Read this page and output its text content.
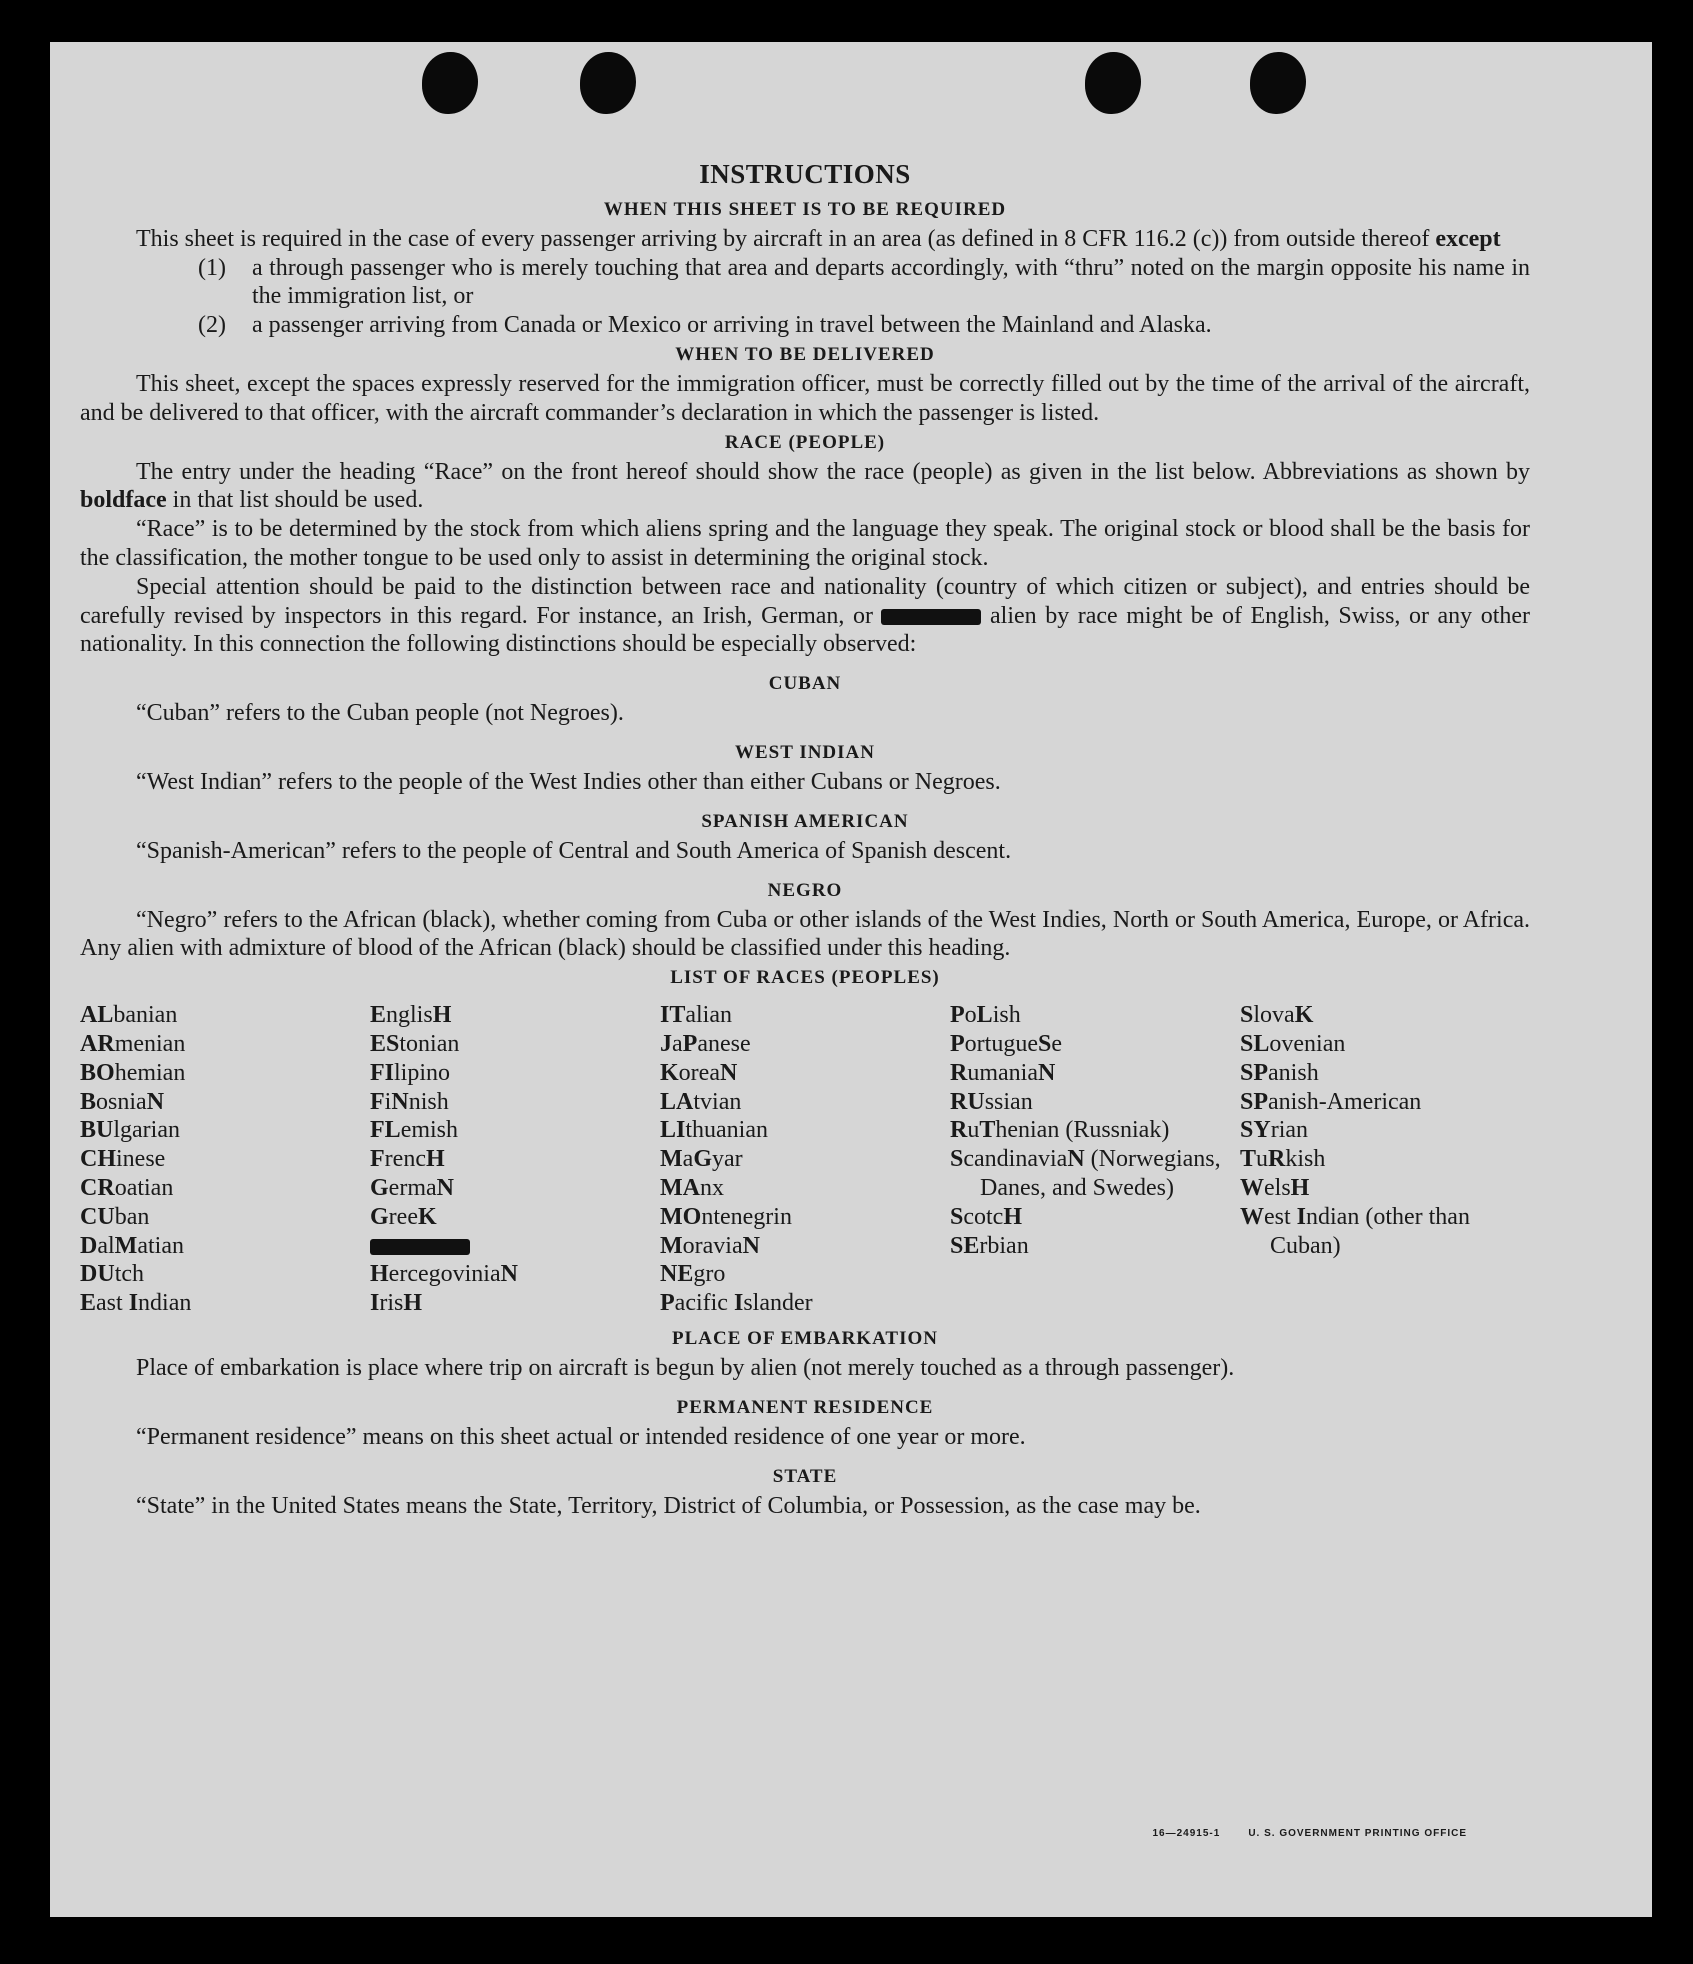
INSTRUCTIONS
WHEN THIS SHEET IS TO BE REQUIRED

This sheet is required in the case of every passenger arriving by aircraft in an area (as defined in 8 CFR 116.2 (c)) from outside thereof except

(1)	a through passenger who is merely touching that area and departs accordingly, with “thru” noted on the margin opposite his name in the immigration list, or
(2)	a passenger arriving from Canada or Mexico or arriving in travel between the Mainland and Alaska.
WHEN TO BE DELIVERED

This sheet, except the spaces expressly reserved for the immigration officer, must be correctly filled out by the time of the arrival of the aircraft, and be delivered to that officer, with the aircraft commander’s declaration in which the passenger is listed.

RACE (PEOPLE)

The entry under the heading “Race” on the front hereof should show the race (people) as given in the list below. Abbreviations as shown by boldface in that list should be used.

“Race” is to be determined by the stock from which aliens spring and the language they speak. The original stock or blood shall be the basis for the classification, the mother tongue to be used only to assist in determining the original stock.

Special attention should be paid to the distinction between race and nationality (country of which citizen or subject), and entries should be carefully revised by inspectors in this regard. For instance, an Irish, German, or	alien by race might be of English, Swiss, or any other nationality. In this connection the following distinctions should be especially observed:

CUBAN

“Cuban” refers to the Cuban people (not Negroes).

WEST INDIAN

“West Indian” refers to the people of the West Indies other than either Cubans or Negroes.

SPANISH AMERICAN

“Spanish-American” refers to the people of Central and South America of Spanish descent.

NEGRO

“Negro” refers to the African (black), whether coming from Cuba or other islands of the West Indies, North or South America, Europe, or Africa. Any alien with admixture of blood of the African (black) should be classified under this heading.

LIST OF RACES (PEOPLES)
ALbanian
ARmenian
BOhemian
BosniaN
BUlgarian
CHinese
CRoatian
CUban
DalMatian
DUtch
East Indian
EnglisH
EStonian
FIlipino
FiNnish
FLemish
FrencH
GermaN
GreeK
HercegoviniaN
IrisH
ITalian
JaPanese
KoreaN
LAtvian
LIthuanian
MaGyar
MAnx
MOntenegrin
MoraviaN
NEgro
Pacific Islander
PoLish
PortugueSe
RumaniaN
RUssian
RuThenian (Russniak)
ScandinaviaN (Norwegians, Danes, and Swedes)
ScotcH
SErbian
SlovaK
SLovenian
SPanish
SPanish-American
SYrian
TuRkish
WelsH
West Indian (other than Cuban)
PLACE OF EMBARKATION

Place of embarkation is place where trip on aircraft is begun by alien (not merely touched as a through passenger).

PERMANENT RESIDENCE

“Permanent residence” means on this sheet actual or intended residence of one year or more.

STATE

“State” in the United States means the State, Territory, District of Columbia, or Possession, as the case may be.

16—24915-1	U. S. GOVERNMENT PRINTING OFFICE
